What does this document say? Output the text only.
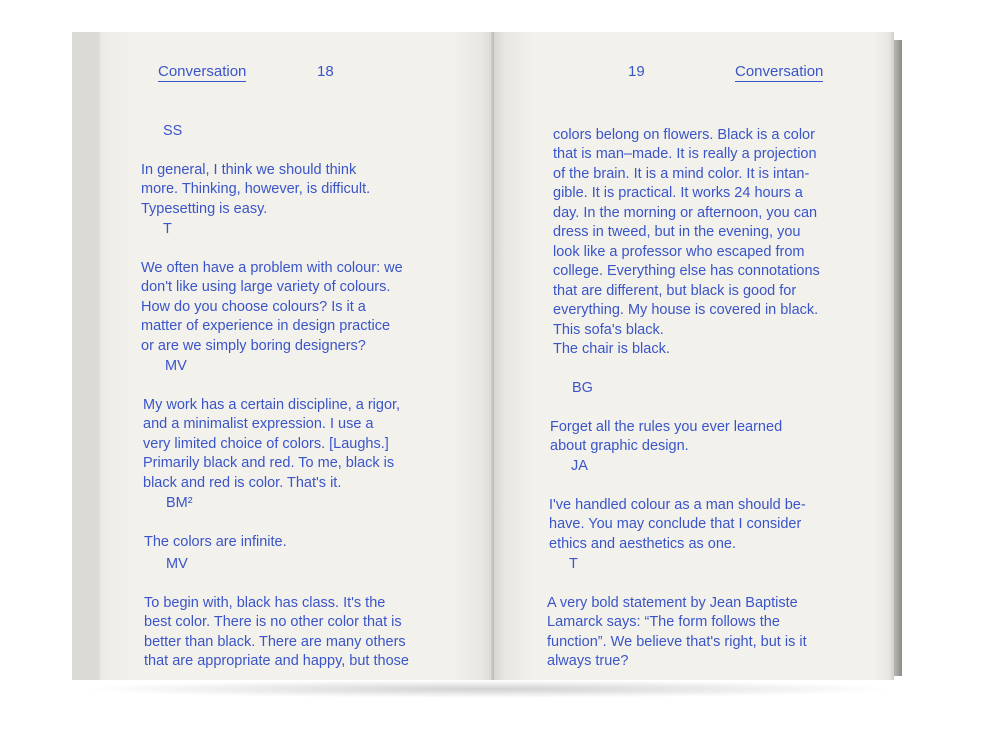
Conversation	18

SS

In general, I think we should think
more. Thinking, however, is difficult.
Typesetting is easy.

T

We often have a problem with colour: we
don't like using large variety of colours.
How do you choose colours? Is it a
matter of experience in design practice
or are we simply boring designers?

MV

My work has a certain discipline, a rigor,
and a minimalist expression. I use a
very limited choice of colors. [Laughs.]
Primarily black and red. To me, black is
black and red is color. That's it.

BM²

The colors are infinite.

MV

To begin with, black has class. It's the
best color. There is no other color that is
better than black. There are many others
that are appropriate and happy, but those

19	Conversation

colors belong on flowers. Black is a color
that is man–made. It is really a projection
of the brain. It is a mind color. It is intan-
gible. It is practical. It works 24 hours a
day. In the morning or afternoon, you can
dress in tweed, but in the evening, you
look like a professor who escaped from
college. Everything else has connotations
that are different, but black is good for
everything. My house is covered in black.
This sofa's black.
The chair is black.

BG

Forget all the rules you ever learned
about graphic design.

JA

I've handled colour as a man should be-
have. You may conclude that I consider
ethics and aesthetics as one.

T

A very bold statement by Jean Baptiste
Lamarck says: “The form follows the
function”. We believe that's right, but is it
always true?
